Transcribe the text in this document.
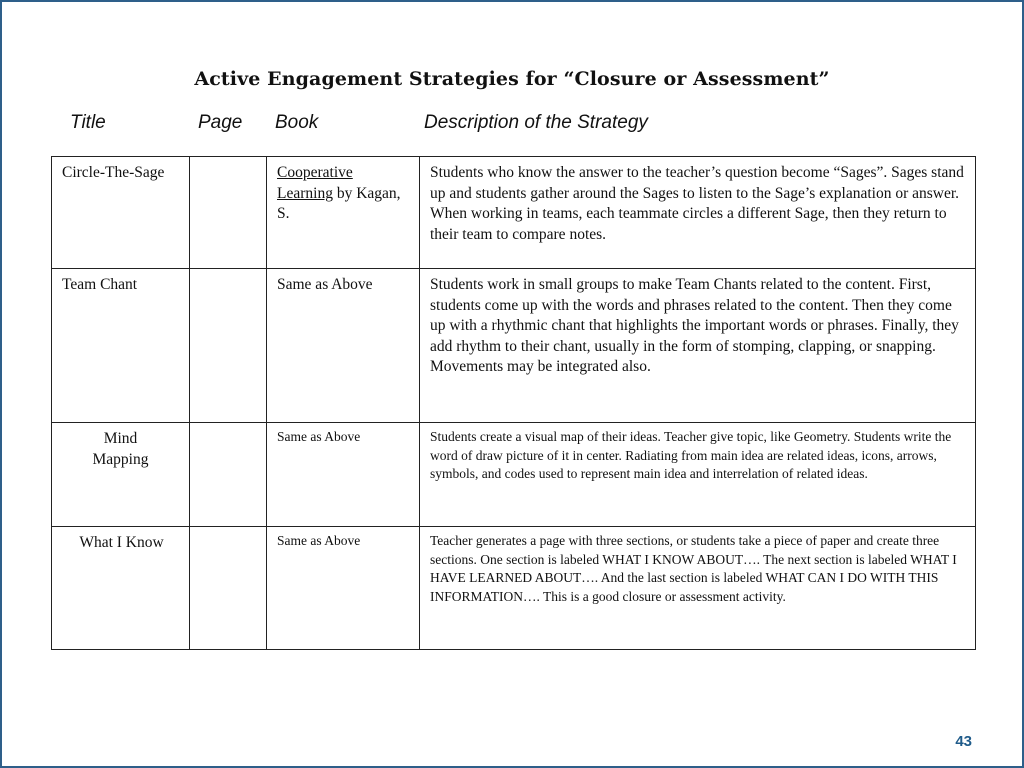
Active Engagement Strategies for “Closure or Assessment”
Title	Page Book	Description of the Strategy
Circle-The-Sage		Cooperative Learning by Kagan, S.	Students who know the answer to the teacher’s question become “Sages”. Sages stand up and students gather around the Sages to listen to the Sage’s explanation or answer. When working in teams, each teammate circles a different Sage, then they return to their team to compare notes.
Team Chant		Same as Above	Students work in small groups to make Team Chants related to the content. First, students come up with the words and phrases related to the content. Then they come up with a rhythmic chant that highlights the important words or phrases. Finally, they add rhythm to their chant, usually in the form of stomping, clapping, or snapping. Movements may be integrated also.
Mind Mapping		Same as Above	Students create a visual map of their ideas. Teacher give topic, like Geometry. Students write the word of draw picture of it in center. Radiating from main idea are related ideas, icons, arrows, symbols, and codes used to represent main idea and interrelation of related ideas.
What I Know		Same as Above	Teacher generates a page with three sections, or students take a piece of paper and create three sections. One section is labeled WHAT I KNOW ABOUT…. The next section is labeled WHAT I HAVE LEARNED ABOUT…. And the last section is labeled WHAT CAN I DO WITH THIS INFORMATION…. This is a good closure or assessment activity.
43
